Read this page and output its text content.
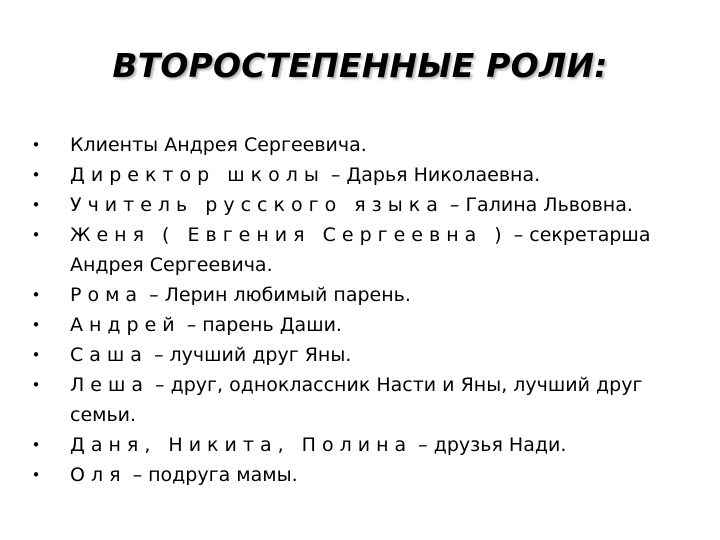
ВТОРОСТЕПЕННЫЕ РОЛИ:
• Клиенты Андрея Сергеевича.
• Директор школы – Дарья Николаевна.
• Учитель русского языка – Галина Львовна.
• Женя ( Евгения Сергеевна ) – секретарша Андрея Сергеевича.
• Рома – Лерин любимый парень.
• Андрей – парень Даши.
• Саша – лучший друг Яны.
• Леша – друг, одноклассник Насти и Яны, лучший друг семьи.
• Даня, Никита, Полина – друзья Нади.
• Оля – подруга мамы.
